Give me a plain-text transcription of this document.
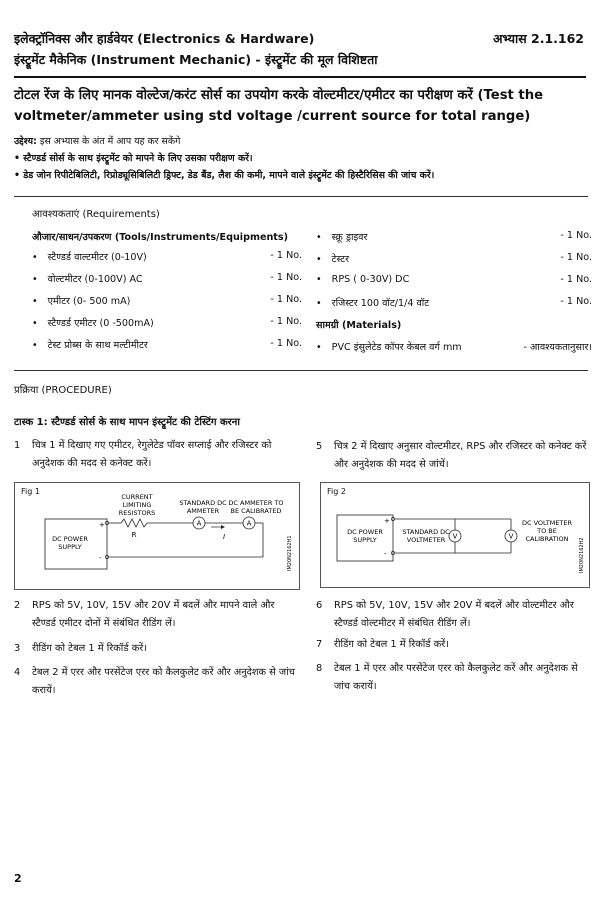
इलेक्ट्रॉनिक्स और हार्डवेयर (Electronics & Hardware)
इंस्ट्रूमेंट मैकेनिक (Instrument Mechanic) - इंस्ट्रूमेंट की मूल विशिष्टता
अभ्यास 2.1.162
टोटल रेंज के लिए मानक वोल्टेज/करंट सोर्स का उपयोग करके वोल्टमीटर/एमीटर का परीक्षण करें (Test the voltmeter/ammeter using std voltage /current source for total range)
उद्देश्य: इस अभ्यास के अंत में आप यह कर सकेंगे
• स्टैण्डर्ड सोर्स के साथ इंस्ट्रूमेंट को मापने के लिए उसका परीक्षण करें।
• डेड जोन रिपीटेबिलिटी, रिप्रोड्यूसिबिलिटी ड्रिफ्ट, डेड बैंड, लैश की कमी, मापने वाले इंस्ट्रूमेंट की हिस्टैरिसिस की जांच करें।
आवश्यकताएं (Requirements)
औजार/साधन/उपकरण (Tools/Instruments/Equipments)
• स्टैण्डर्ड वाल्टमीटर (0-10V)	- 1 No.
• वोल्टमीटर (0-100V) AC	- 1 No.
• एमीटर (0- 500 mA)	- 1 No.
• स्टैण्डर्ड एमीटर (0 -500mA)	- 1 No.
• टेस्ट प्रोब्स के साथ मल्टीमीटर	- 1 No.
• स्क्रू ड्राइवर	- 1 No.
• टेस्टर	- 1 No.
• RPS ( 0-30V) DC	- 1 No.
• रजिस्टर 100 वॉट/1/4 वॉट	- 1 No.
सामग्री (Materials)
• PVC इंसुलेटेड कॉपर केबल वर्ग mm	- आवश्यकतानुसार।
प्रक्रिया (PROCEDURE)
टास्क 1: स्टैण्डर्ड सोर्स के साथ मापन इंस्ट्रूमेंट की टेस्टिंग करना
1	चित्र 1 में दिखाए गए एमीटर, रेगुलेटेड पॉवर सप्लाई और रजिस्टर को अनुदेशक की मदद से कनेक्ट करें।
Fig 1
CURRENT
LIMITING
RESISTORS
STANDARD DC
AMMETER
DC AMMETER TO
BE CALIBRATED
DC POWER
SUPPLY
+
-
R
A	A
I	IM20N2162H1
2	RPS को 5V, 10V, 15V और 20V में बदलें और मापने वाले और स्टैण्डर्ड एमीटर दोनों में संबंधित रीडिंग लें।
3	रीडिंग को टेबल 1 में रिकॉर्ड करें।
4	टेबल 2 में एरर और परसेंटेज एरर को कैलकुलेट करें और अनुदेशक से जांच करायें।
5	चित्र 2 में दिखाए अनुसार वोल्टमीटर, RPS और रजिस्टर को कनेक्ट करें और अनुदेशक की मदद से जांचें।
Fig 2
DC POWER
SUPPLY
+
-
V
STANDARD DC
VOLTMETER	V
DC VOLTMETER
TO BE
CALIBRATION IM20N2162H2
6	RPS को 5V, 10V, 15V और 20V में बदलें और वोल्टमीटर और स्टैण्डर्ड वोल्टमीटर में संबंधित रीडिंग लें।
7	रीडिंग को टेबल 1 में रिकॉर्ड करें।
8	टेबल 1 में एरर और परसेंटेज एरर को कैलकुलेट करें और अनुदेशक से जांच करायें।
2
